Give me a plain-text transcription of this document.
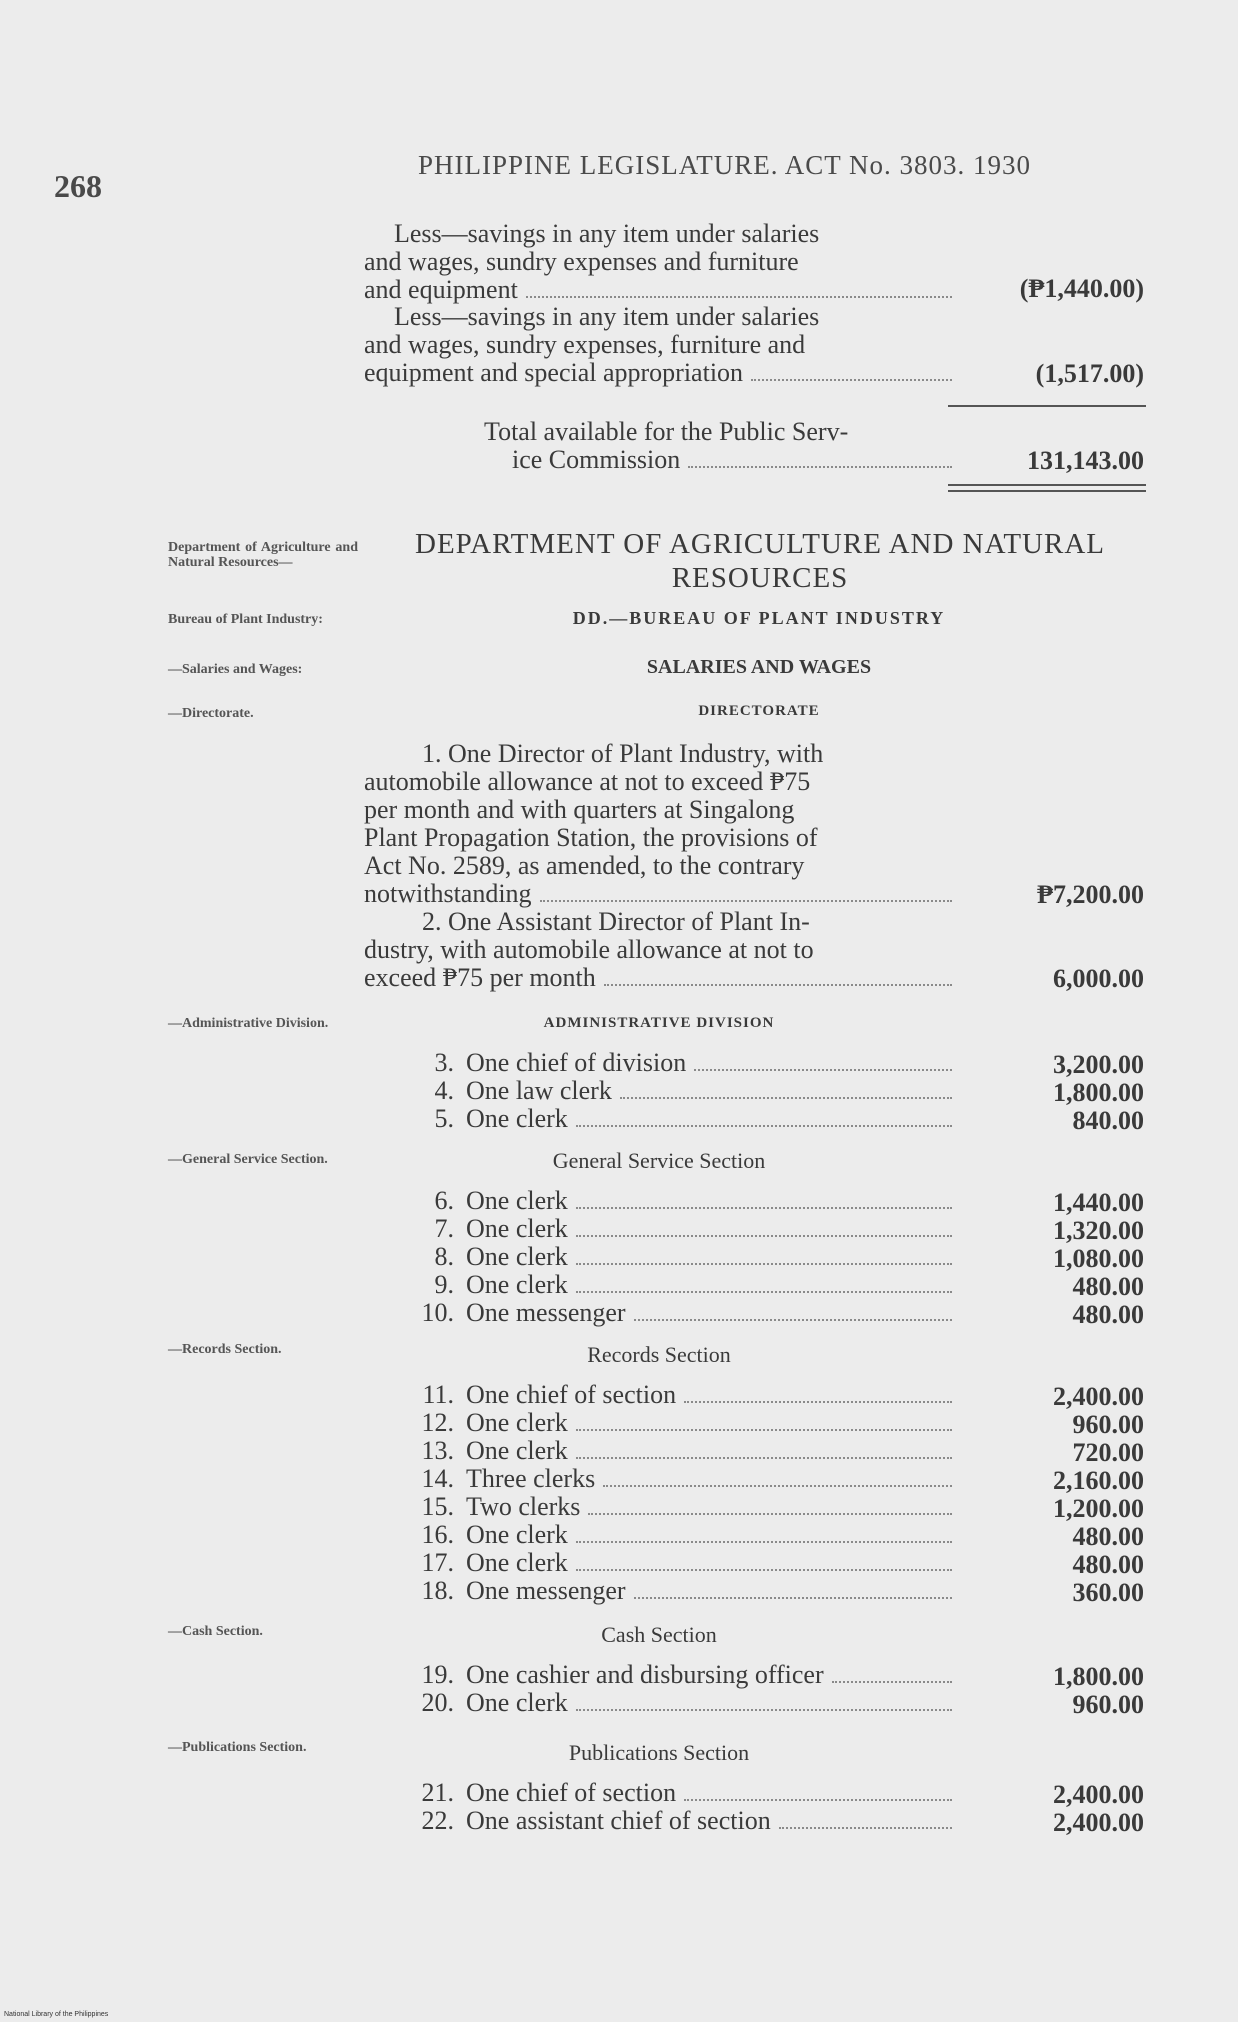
268
PHILIPPINE LEGISLATURE. ACT No. 3803. 1930
Less—savings in any item under salaries
and wages, sundry expenses and furniture
and equipment	(₱1,440.00)
Less—savings in any item under salaries
and wages, sundry expenses, furniture and
equipment and special appropriation	(1,517.00)
Total available for the Public Serv-
ice Commission	131,143.00
Department of Agriculture and Natural Resources—
Bureau of Plant Industry:
—Salaries and Wages:
—Directorate.
—Administrative Division.
—General Service Section.
—Records Section.
—Cash Section.
—Publications Section.
DEPARTMENT OF AGRICULTURE AND NATURAL
RESOURCES
DD.—BUREAU OF PLANT INDUSTRY
SALARIES AND WAGES
DIRECTORATE
1. One Director of Plant Industry, with
automobile allowance at not to exceed ₱75
per month and with quarters at Singalong
Plant Propagation Station, the provisions of
Act No. 2589, as amended, to the contrary
notwithstanding	₱7,200.00
2. One Assistant Director of Plant In-
dustry, with automobile allowance at not to
exceed ₱75 per month	6,000.00
ADMINISTRATIVE DIVISION
3. One chief of division	3,200.00
4. One law clerk	1,800.00
5. One clerk	840.00
General Service Section
6. One clerk	1,440.00
7. One clerk	1,320.00
8. One clerk	1,080.00
9. One clerk	480.00
10. One messenger	480.00
Records Section
11. One chief of section	2,400.00
12. One clerk	960.00
13. One clerk	720.00
14. Three clerks	2,160.00
15. Two clerks	1,200.00
16. One clerk	480.00
17. One clerk	480.00
18. One messenger	360.00
Cash Section
19. One cashier and disbursing officer	1,800.00
20. One clerk	960.00
Publications Section
21. One chief of section	2,400.00
22. One assistant chief of section	2,400.00
National Library of the Philippines
